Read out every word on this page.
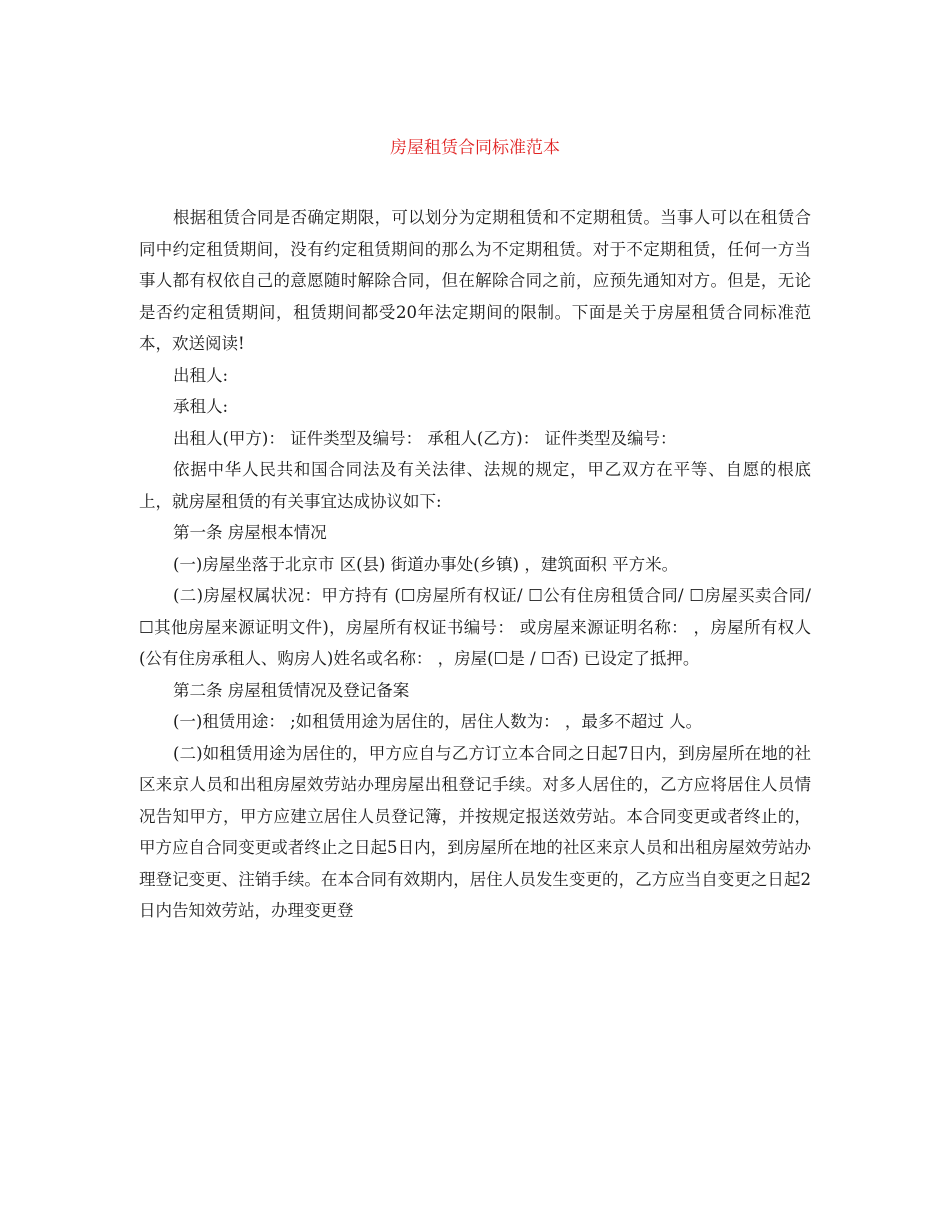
房屋租赁合同标准范本

根据租赁合同是否确定期限，可以划分为定期租赁和不定期租赁。当事人可以在租赁合同中约定租赁期间，没有约定租赁期间的那么为不定期租赁。对于不定期租赁，任何一方当事人都有权依自己的意愿随时解除合同，但在解除合同之前，应预先通知对方。但是，无论是否约定租赁期间，租赁期间都受20年法定期间的限制。下面是关于房屋租赁合同标准范本，欢送阅读!

出租人:

承租人:

出租人(甲方)： 证件类型及编号： 承租人(乙方)： 证件类型及编号：

依据中华人民共和国合同法及有关法律、法规的规定，甲乙双方在平等、自愿的根底上，就房屋租赁的有关事宜达成协议如下:

第一条 房屋根本情况

(一)房屋坐落于北京市 区(县) 街道办事处(乡镇) ，建筑面积 平方米。

(二)房屋权属状况：甲方持有 (☐房屋所有权证/ ☐公有住房租赁合同/ ☐房屋买卖合同/ ☐其他房屋来源证明文件)，房屋所有权证书编号： 或房屋来源证明名称： ，房屋所有权人(公有住房承租人、购房人)姓名或名称： ，房屋(☐是 / ☐否) 已设定了抵押。

第二条 房屋租赁情况及登记备案

(一)租赁用途： ;如租赁用途为居住的，居住人数为： ，最多不超过 人。

(二)如租赁用途为居住的，甲方应自与乙方订立本合同之日起7日内，到房屋所在地的社区来京人员和出租房屋效劳站办理房屋出租登记手续。对多人居住的，乙方应将居住人员情况告知甲方，甲方应建立居住人员登记簿，并按规定报送效劳站。本合同变更或者终止的，甲方应自合同变更或者终止之日起5日内，到房屋所在地的社区来京人员和出租房屋效劳站办理登记变更、注销手续。在本合同有效期内，居住人员发生变更的，乙方应当自变更之日起2日内告知效劳站，办理变更登
